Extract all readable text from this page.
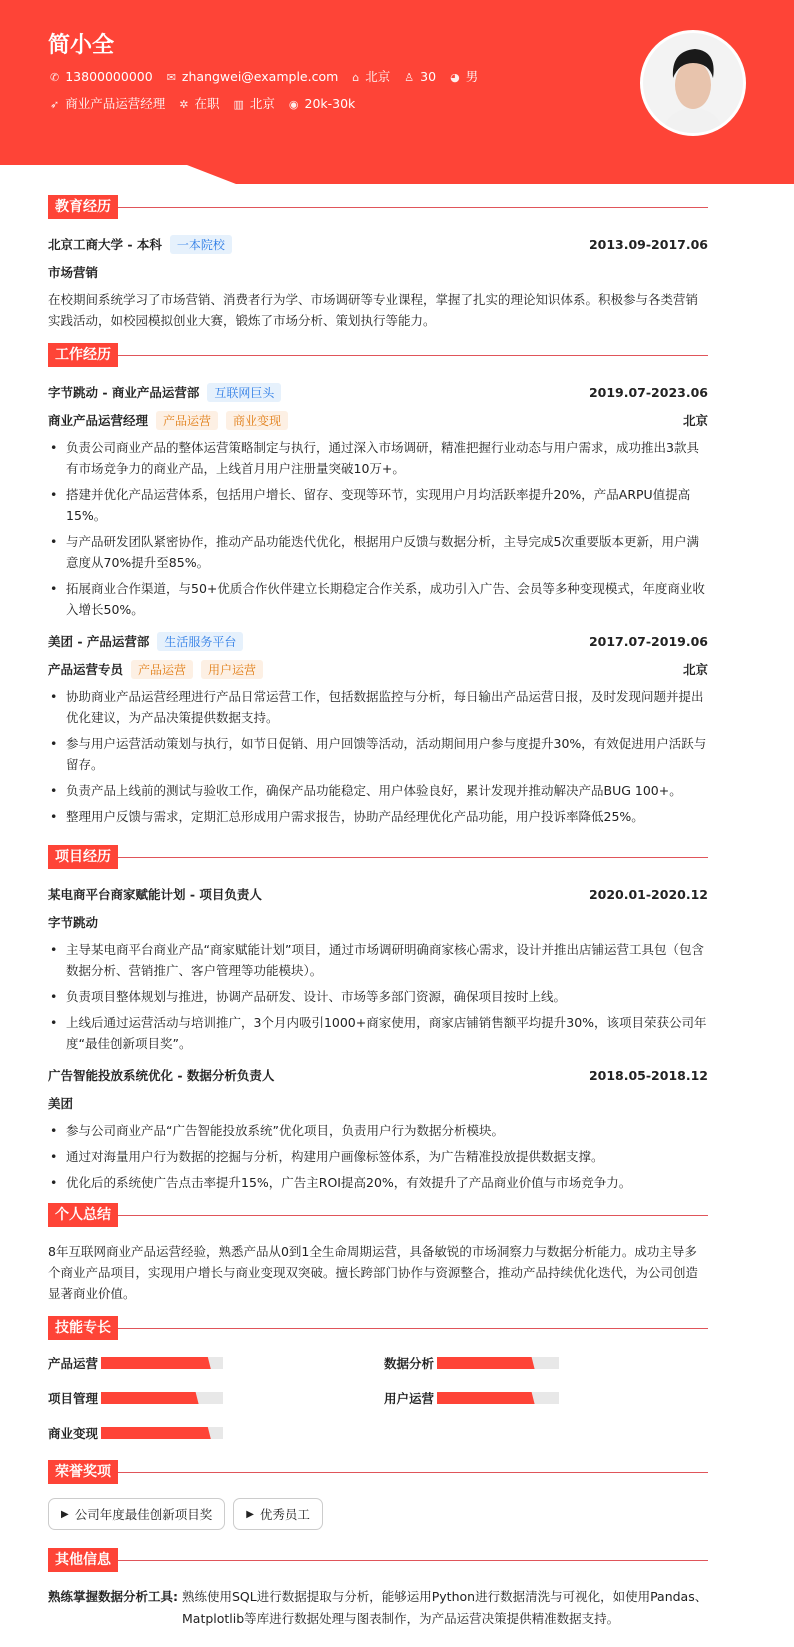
简小全
✆ 13800000000 ✉ zhangwei@example.com ⌂ 北京 ♙ 30 ◕ 男
➶ 商业产品运营经理 ✲ 在职 ▥ 北京 ◉ 20k-30k
教育经历
北京工商大学 - 本科	一本院校	2013.09-2017.06
市场营销

在校期间系统学习了市场营销、消费者行为学、市场调研等专业课程，掌握了扎实的理论知识体系。积极参与各类营销实践活动，如校园模拟创业大赛，锻炼了市场分析、策划执行等能力。

工作经历
字节跳动 - 商业产品运营部	互联网巨头	2019.07-2023.06
商业产品运营经理	产品运营	商业变现	北京
• 负责公司商业产品的整体运营策略制定与执行，通过深入市场调研，精准把握行业动态与用户需求，成功推出3款具有市场竞争力的商业产品，上线首月用户注册量突破10万+。
• 搭建并优化产品运营体系，包括用户增长、留存、变现等环节，实现用户月均活跃率提升20%，产品ARPU值提高15%。
• 与产品研发团队紧密协作，推动产品功能迭代优化，根据用户反馈与数据分析，主导完成5次重要版本更新，用户满意度从70%提升至85%。
• 拓展商业合作渠道，与50+优质合作伙伴建立长期稳定合作关系，成功引入广告、会员等多种变现模式，年度商业收入增长50%。
美团 - 产品运营部	生活服务平台	2017.07-2019.06
产品运营专员	产品运营	用户运营	北京
• 协助商业产品运营经理进行产品日常运营工作，包括数据监控与分析，每日输出产品运营日报，及时发现问题并提出优化建议，为产品决策提供数据支持。
• 参与用户运营活动策划与执行，如节日促销、用户回馈等活动，活动期间用户参与度提升30%，有效促进用户活跃与留存。
• 负责产品上线前的测试与验收工作，确保产品功能稳定、用户体验良好，累计发现并推动解决产品BUG 100+。
• 整理用户反馈与需求，定期汇总形成用户需求报告，协助产品经理优化产品功能，用户投诉率降低25%。
项目经历
某电商平台商家赋能计划 - 项目负责人	2020.01-2020.12
字节跳动
• 主导某电商平台商业产品“商家赋能计划”项目，通过市场调研明确商家核心需求，设计并推出店铺运营工具包（包含数据分析、营销推广、客户管理等功能模块）。
• 负责项目整体规划与推进，协调产品研发、设计、市场等多部门资源，确保项目按时上线。
• 上线后通过运营活动与培训推广，3个月内吸引1000+商家使用，商家店铺销售额平均提升30%，该项目荣获公司年度“最佳创新项目奖”。
广告智能投放系统优化 - 数据分析负责人	2018.05-2018.12
美团
• 参与公司商业产品“广告智能投放系统”优化项目，负责用户行为数据分析模块。
• 通过对海量用户行为数据的挖掘与分析，构建用户画像标签体系，为广告精准投放提供数据支撑。
• 优化后的系统使广告点击率提升15%，广告主ROI提高20%，有效提升了产品商业价值与市场竞争力。
个人总结

8年互联网商业产品运营经验，熟悉产品从0到1全生命周期运营，具备敏锐的市场洞察力与数据分析能力。成功主导多个商业产品项目，实现用户增长与商业变现双突破。擅长跨部门协作与资源整合，推动产品持续优化迭代，为公司创造显著商业价值。

技能专长
产品运营	数据分析
项目管理	用户运营
商业变现
荣誉奖项
▶ 公司年度最佳创新项目奖	▶ 优秀员工
其他信息
熟练掌握数据分析工具: 熟练使用SQL进行数据提取与分析，能够运用Python进行数据清洗与可视化，如使用Pandas、Matplotlib等库进行数据处理与图表制作，为产品运营决策提供精准数据支持。
